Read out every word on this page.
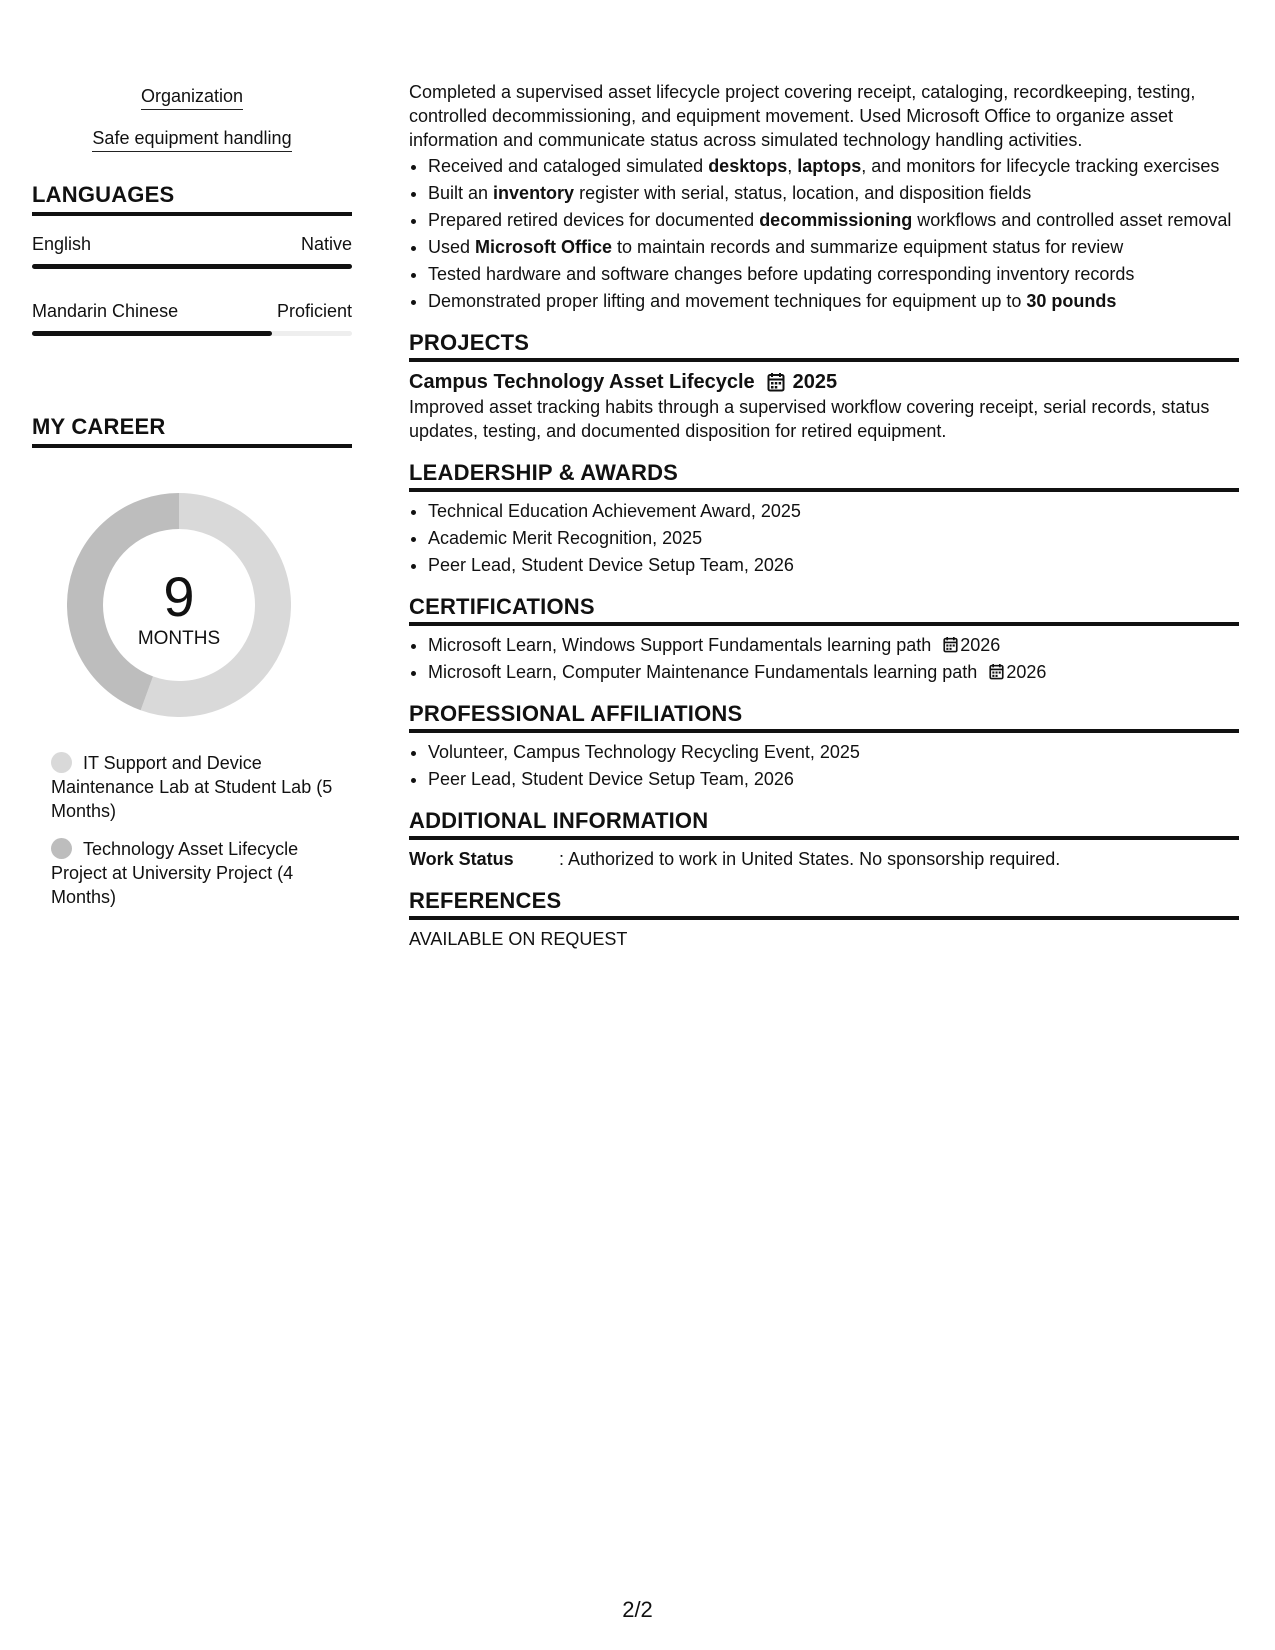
Organization
Safe equipment handling
LANGUAGES
English	Native
Mandarin Chinese	Proficient
MY CAREER
9
MONTHS
IT Support and Device Maintenance Lab at Student Lab (5 Months)
Technology Asset Lifecycle Project at University Project (4 Months)
Completed a supervised asset lifecycle project covering receipt, cataloging, recordkeeping, testing, controlled decommissioning, and equipment movement. Used Microsoft Office to organize asset information and communicate status across simulated technology handling activities.
• Received and cataloged simulated desktops, laptops, and monitors for lifecycle tracking exercises
• Built an inventory register with serial, status, location, and disposition fields
• Prepared retired devices for documented decommissioning workflows and controlled asset removal
• Used Microsoft Office to maintain records and summarize equipment status for review
• Tested hardware and software changes before updating corresponding inventory records
• Demonstrated proper lifting and movement techniques for equipment up to 30 pounds
PROJECTS
Campus Technology Asset Lifecycle 2025
Improved asset tracking habits through a supervised workflow covering receipt, serial records, status updates, testing, and documented disposition for retired equipment.
LEADERSHIP & AWARDS
• Technical Education Achievement Award, 2025
• Academic Merit Recognition, 2025
• Peer Lead, Student Device Setup Team, 2026
CERTIFICATIONS
• Microsoft Learn, Windows Support Fundamentals learning path 2026
• Microsoft Learn, Computer Maintenance Fundamentals learning path 2026
PROFESSIONAL AFFILIATIONS
• Volunteer, Campus Technology Recycling Event, 2025
• Peer Lead, Student Device Setup Team, 2026
ADDITIONAL INFORMATION
Work Status	: Authorized to work in United States. No sponsorship required.
REFERENCES
AVAILABLE ON REQUEST
2/2
